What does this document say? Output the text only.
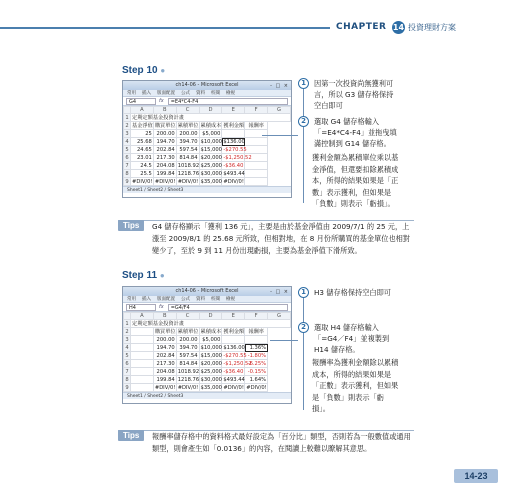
CHAPTER 14 投資理財方案
Step 10 ●
ch14-06 - Microsoft Excel	- □ ×
常用 插入 版面配置 公式 資料 校閱 檢視
G4	fx	=E4*C4-F4
	A	B	C	D	E	F	G
1	定期定額基金投資計畫						
2	基金淨值	購買單位	累積單位	累積成本	獲利金額	報酬率	
3	25	200.00	200.00	$5,000			
4	25.68	194.70	394.70	$10,000	$136.00		
5	24.65	202.84	597.54	$15,000	-$270.55		
6	23.01	217.30	814.84	$20,000	-$1,250.52		
7	24.5	204.08	1018.92	$25,000	-$36.40		
8	25.5	199.84	1218.76	$30,000	$493.44		
9	#DIV/0!	#DIV/0!	#DIV/0!	$35,000	#DIV/0!		
Sheet1 / Sheet2 / Sheet3
1	因第一次投資尚無獲利可言，所以 G3 儲存格保持空白即可
2	選取 G4 儲存格輸入「=E4*C4-F4」並拖曳填滿控制到 G14 儲存格。
獲利金額為累積單位乘以基金淨值，但還要扣除累積成本，所得的結果如果是「正數」表示獲利，但如果是「負數」則表示「虧損」。
Tips	G4 儲存格顯示「獲利 136 元」，主要是由於基金淨值由 2009/7/1 的 25 元，上漲至 2009/8/1 的 25.68 元所致，但相對地，在 8 月份所購買的基金單位也相對變少了，至於 9 到 11 月份出現虧損，主要為基金淨值下滑所致。
Step 11 ●
ch14-06 - Microsoft Excel	- □ ×
常用 插入 版面配置 公式 資料 校閱 檢視
H4	fx	=G4/F4
	A	B	C	D	E	F	G
1	定期定額基金投資計畫						
2		購買單位	累積單位	累積成本	獲利金額	報酬率	
3		200.00	200.00	$5,000			
4		194.70	394.70	$10,000	$136.00	1.36%	
5		202.84	597.54	$15,000	-$270.55	-1.80%	
6		217.30	814.84	$20,000	-$1,250.52	-6.25%	
7		204.08	1018.92	$25,000	-$36.40	-0.15%	
8		199.84	1218.76	$30,000	$493.44	1.64%	
9		#DIV/0!	#DIV/0!	$35,000	#DIV/0!	#DIV/0!	
Sheet1 / Sheet2 / Sheet3
1	H3 儲存格保持空白即可
2	選取 H4 儲存格輸入「=G4／F4」並複製到 H14 儲存格。
報酬率為獲利金額除以累積成本，所得的結果如果是「正數」表示獲利，但如果是「負數」則表示「虧損」。
Tips	報酬率儲存格中的資料格式最好設定為「百分比」類型，否則若為一般數值或通用類型，則會產生如「0.0136」的內容，在閱讀上較難以瞭解其意思。
14-23
